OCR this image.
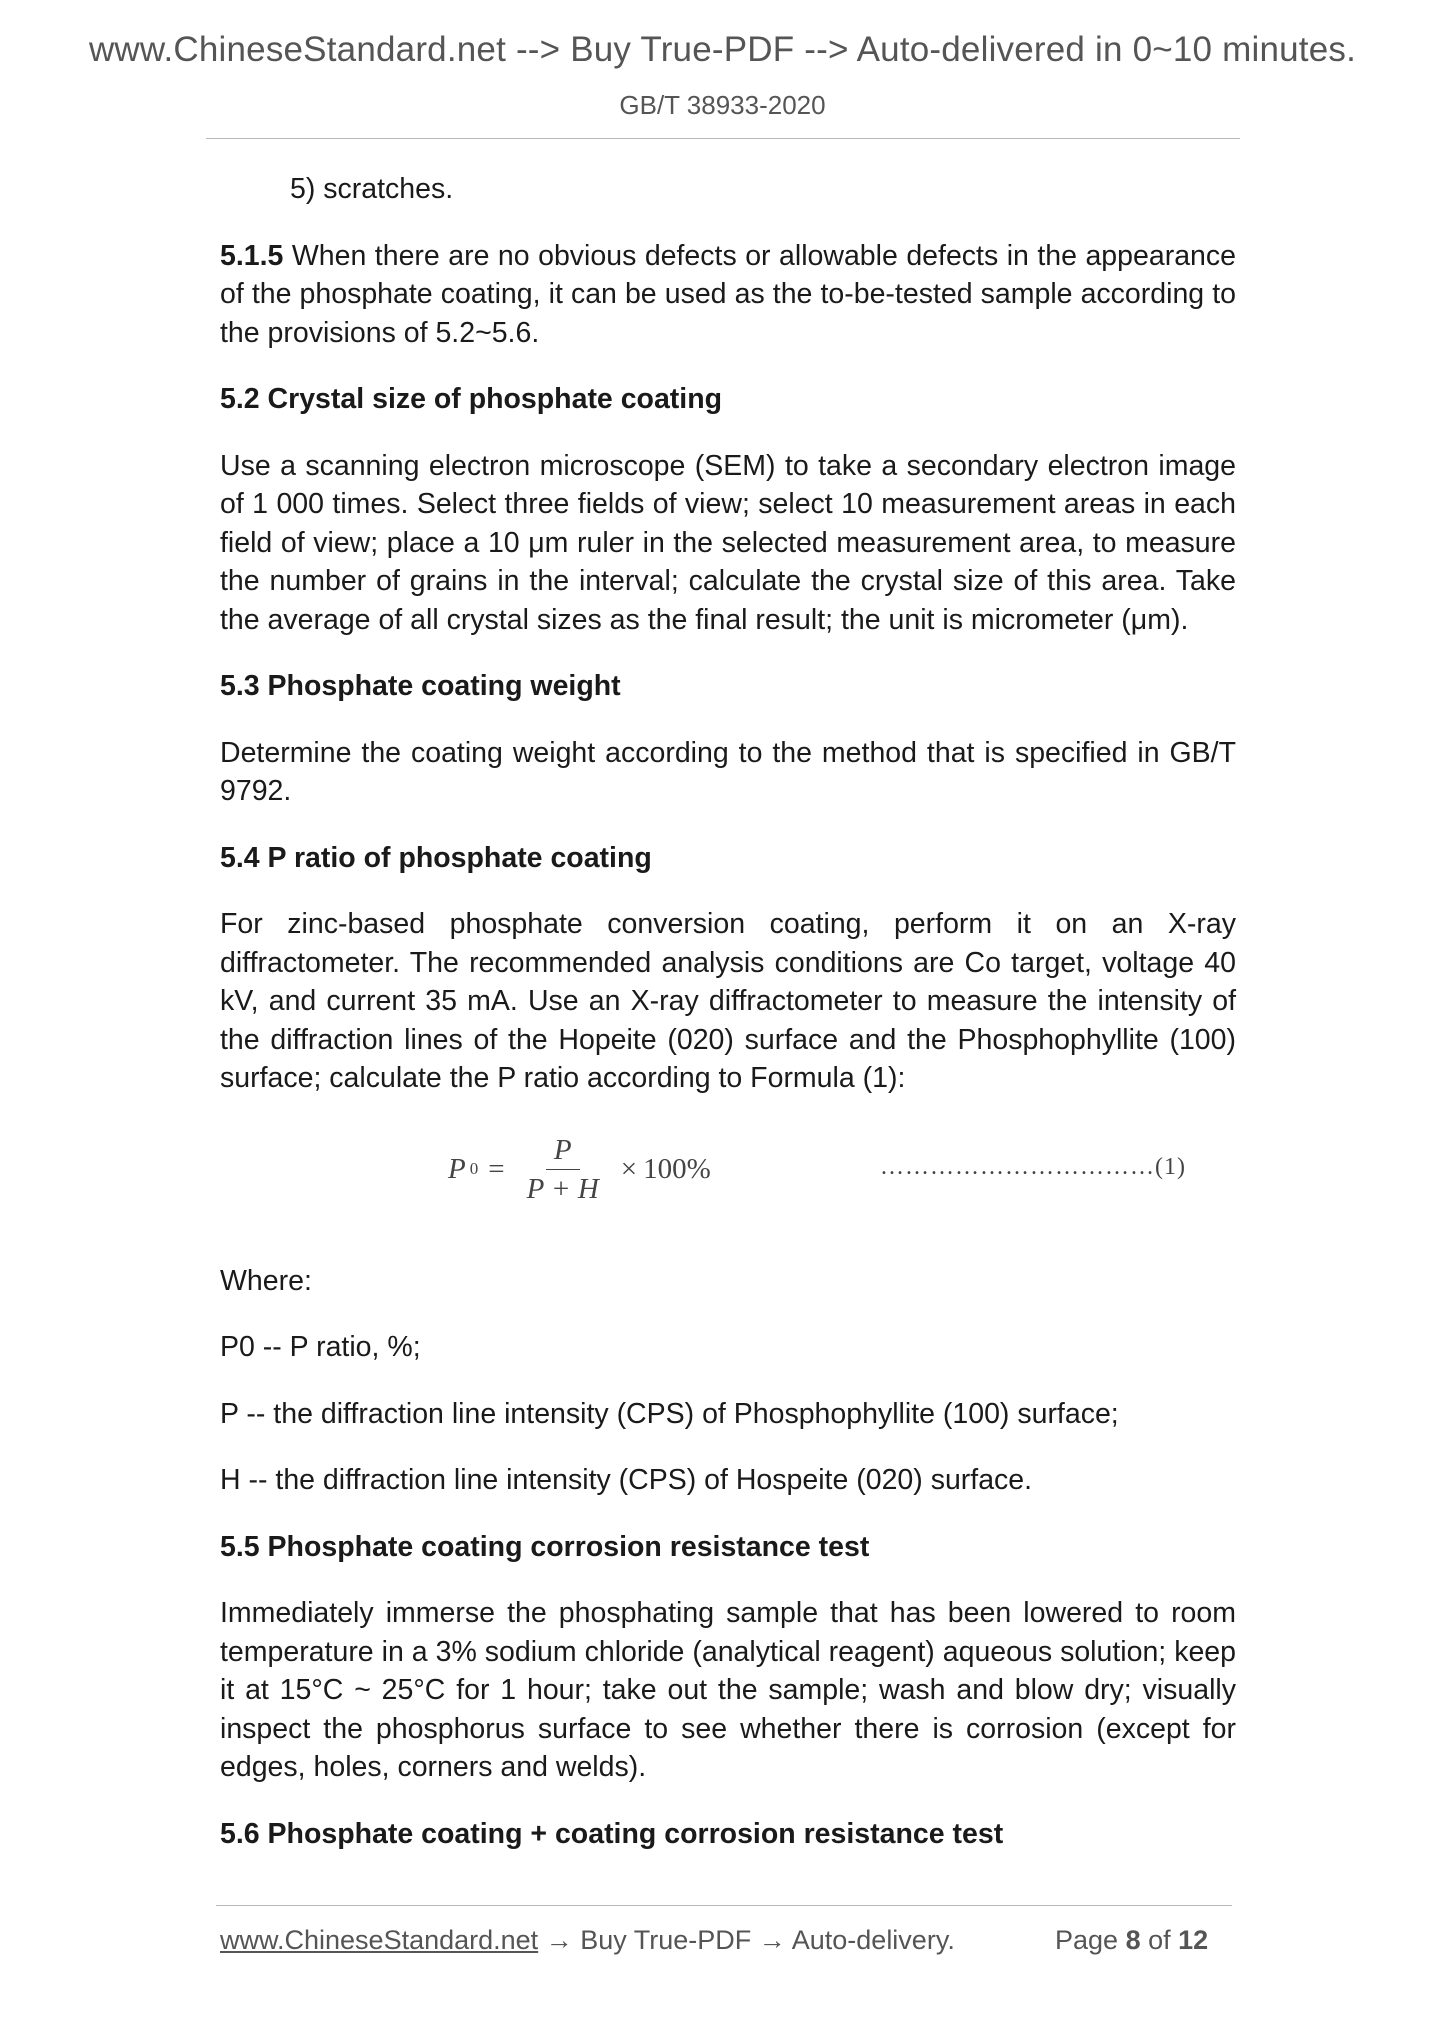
www.ChineseStandard.net --> Buy True-PDF --> Auto-delivered in 0~10 minutes.
GB/T 38933-2020

5) scratches.

5.1.5 When there are no obvious defects or allowable defects in the appearance of the phosphate coating, it can be used as the to-be-tested sample according to the provisions of 5.2~5.6.

5.2 Crystal size of phosphate coating

Use a scanning electron microscope (SEM) to take a secondary electron image of 1 000 times. Select three fields of view; select 10 measurement areas in each field of view; place a 10 μm ruler in the selected measurement area, to measure the number of grains in the interval; calculate the crystal size of this area. Take the average of all crystal sizes as the final result; the unit is micrometer (μm).

5.3 Phosphate coating weight

Determine the coating weight according to the method that is specified in GB/T 9792.

5.4 P ratio of phosphate coating

For zinc-based phosphate conversion coating, perform it on an X-ray diffractometer. The recommended analysis conditions are Co target, voltage 40 kV, and current 35 mA. Use an X-ray diffractometer to measure the intensity of the diffraction lines of the Hopeite (020) surface and the Phosphophyllite (100) surface; calculate the P ratio according to Formula (1):

P $0 = \frac{P}{P + H} \times 100\%$	……………………………(1)

Where:

P0 -- P ratio, %;

P -- the diffraction line intensity (CPS) of Phosphophyllite (100) surface;

H -- the diffraction line intensity (CPS) of Hospeite (020) surface.

5.5 Phosphate coating corrosion resistance test

Immediately immerse the phosphating sample that has been lowered to room temperature in a 3% sodium chloride (analytical reagent) aqueous solution; keep it at 15°C ~ 25°C for 1 hour; take out the sample; wash and blow dry; visually inspect the phosphorus surface to see whether there is corrosion (except for edges, holes, corners and welds).

5.6 Phosphate coating + coating corrosion resistance test
www.ChineseStandard.net → Buy True-PDF → Auto-delivery.	Page 8 of 12
